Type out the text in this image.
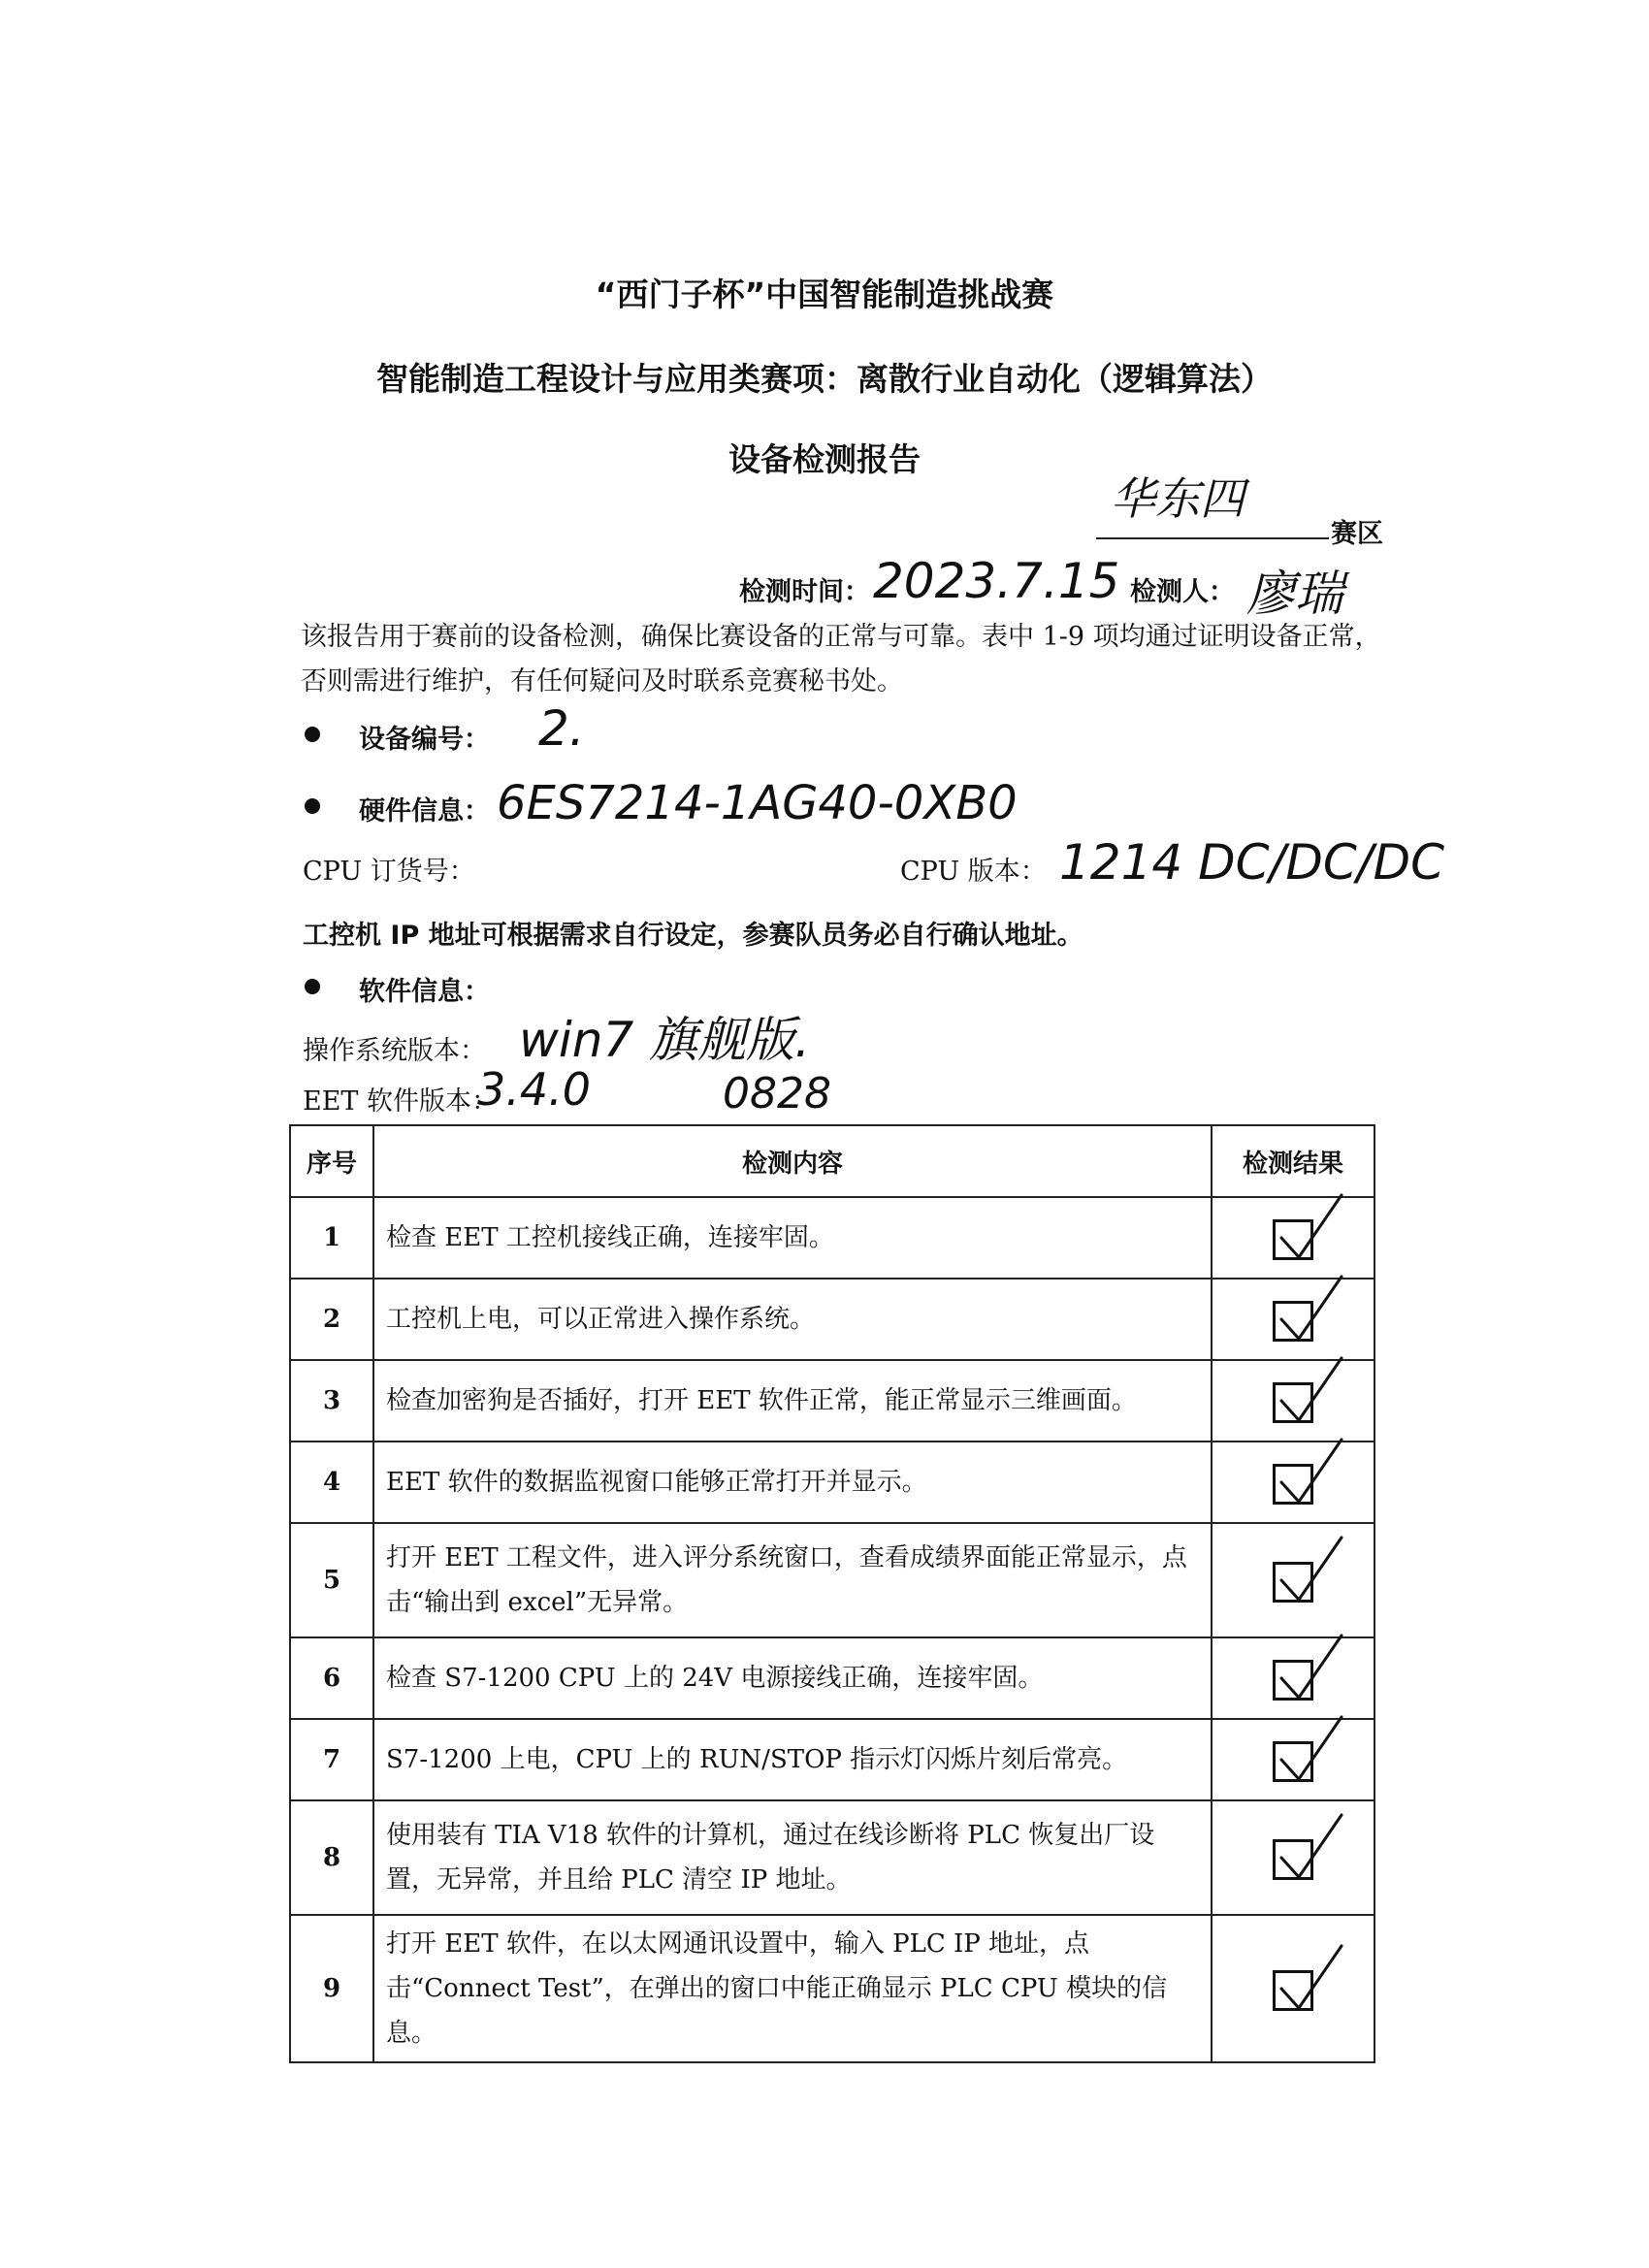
“西门子杯”中国智能制造挑战赛
智能制造工程设计与应用类赛项：离散行业自动化（逻辑算法）
设备检测报告
华东四
赛区
检测时间： 2023.7.15 检测人： 廖瑞
该报告用于赛前的设备检测，确保比赛设备的正常与可靠。表中 1-9 项均通过证明设备正常，否则需进行维护，有任何疑问及时联系竞赛秘书处。
设备编号： 2.
硬件信息： 6ES7214-1AG40-0XB0
CPU 订货号：	CPU 版本： 1214 DC/DC/DC
工控机 IP 地址可根据需求自行设定，参赛队员务必自行确认地址。
软件信息：
操作系统版本： win7 旗舰版.
EET 软件版本：
3.4.0	0828
序号	检测内容	检测结果
1	检查 EET 工控机接线正确，连接牢固。	

2	工控机上电，可以正常进入操作系统。	

3	检查加密狗是否插好，打开 EET 软件正常，能正常显示三维画面。	

4	EET 软件的数据监视窗口能够正常打开并显示。	

5	打开 EET 工程文件，进入评分系统窗口，查看成绩界面能正常显示，点击“输出到 excel”无异常。	

6	检查 S7-1200 CPU 上的 24V 电源接线正确，连接牢固。	

7	S7-1200 上电，CPU 上的 RUN/STOP 指示灯闪烁片刻后常亮。	

8	使用装有 TIA V18 软件的计算机，通过在线诊断将 PLC 恢复出厂设置，无异常，并且给 PLC 清空 IP 地址。	

9	打开 EET 软件，在以太网通讯设置中，输入 PLC IP 地址，点击“Connect Test”，在弹出的窗口中能正确显示 PLC CPU 模块的信息。	
